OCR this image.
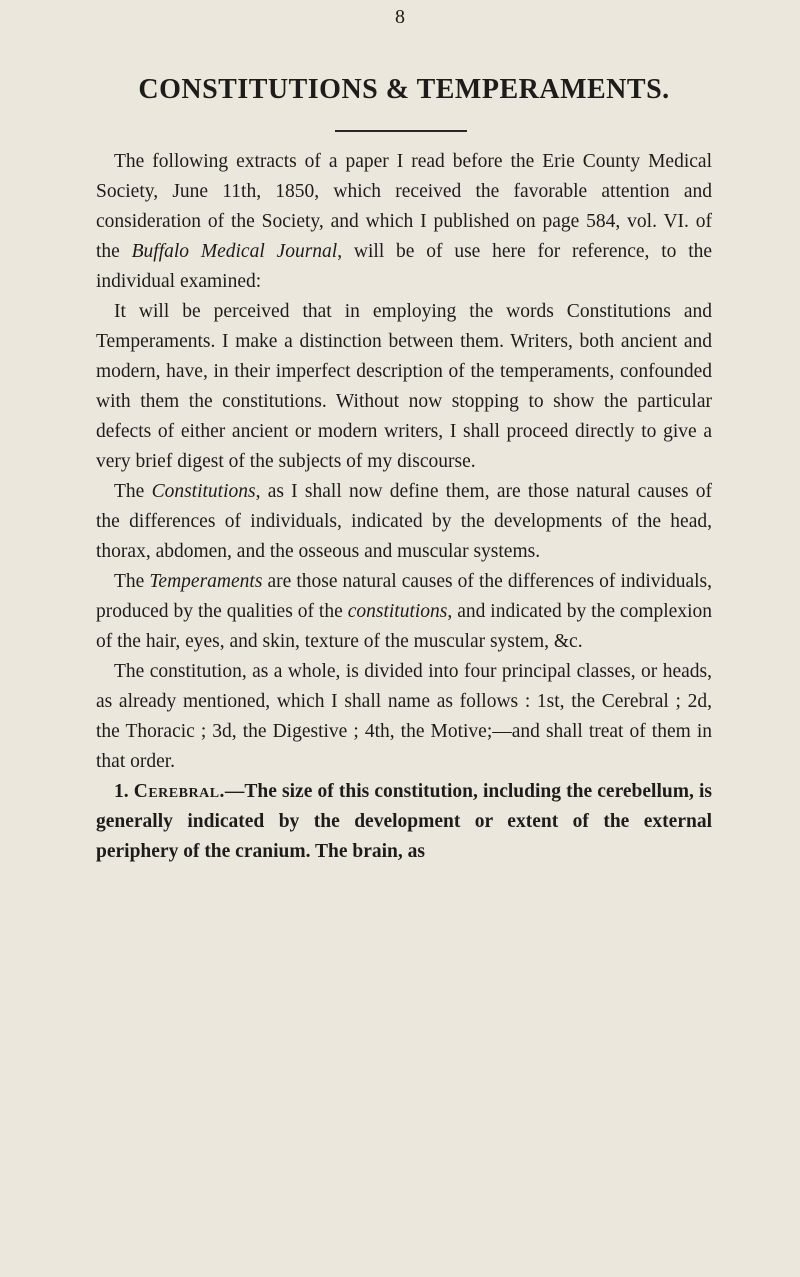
8
CONSTITUTIONS & TEMPERAMENTS.

The following extracts of a paper I read before the Erie County Medical Society, June 11th, 1850, which received the favorable attention and consideration of the Society, and which I published on page 584, vol. VI. of the Buffalo Medical Journal, will be of use here for reference, to the individual examined:

It will be perceived that in employing the words Constitutions and Temperaments. I make a distinction between them. Writers, both ancient and modern, have, in their imperfect description of the temperaments, confounded with them the constitutions. Without now stopping to show the particular defects of either ancient or modern writers, I shall proceed directly to give a very brief digest of the subjects of my discourse.

The Constitutions, as I shall now define them, are those natural causes of the differences of individuals, indicated by the developments of the head, thorax, abdomen, and the osseous and muscular systems.

The Temperaments are those natural causes of the differences of individuals, produced by the qualities of the constitutions, and indicated by the complexion of the hair, eyes, and skin, texture of the muscular system, &c.

The constitution, as a whole, is divided into four principal classes, or heads, as already mentioned, which I shall name as follows : 1st, the Cerebral ; 2d, the Thoracic ; 3d, the Digestive ; 4th, the Motive;—and shall treat of them in that order.

1. Cerebral.—The size of this constitution, including the cerebellum, is generally indicated by the development or extent of the external periphery of the cranium. The brain, as
